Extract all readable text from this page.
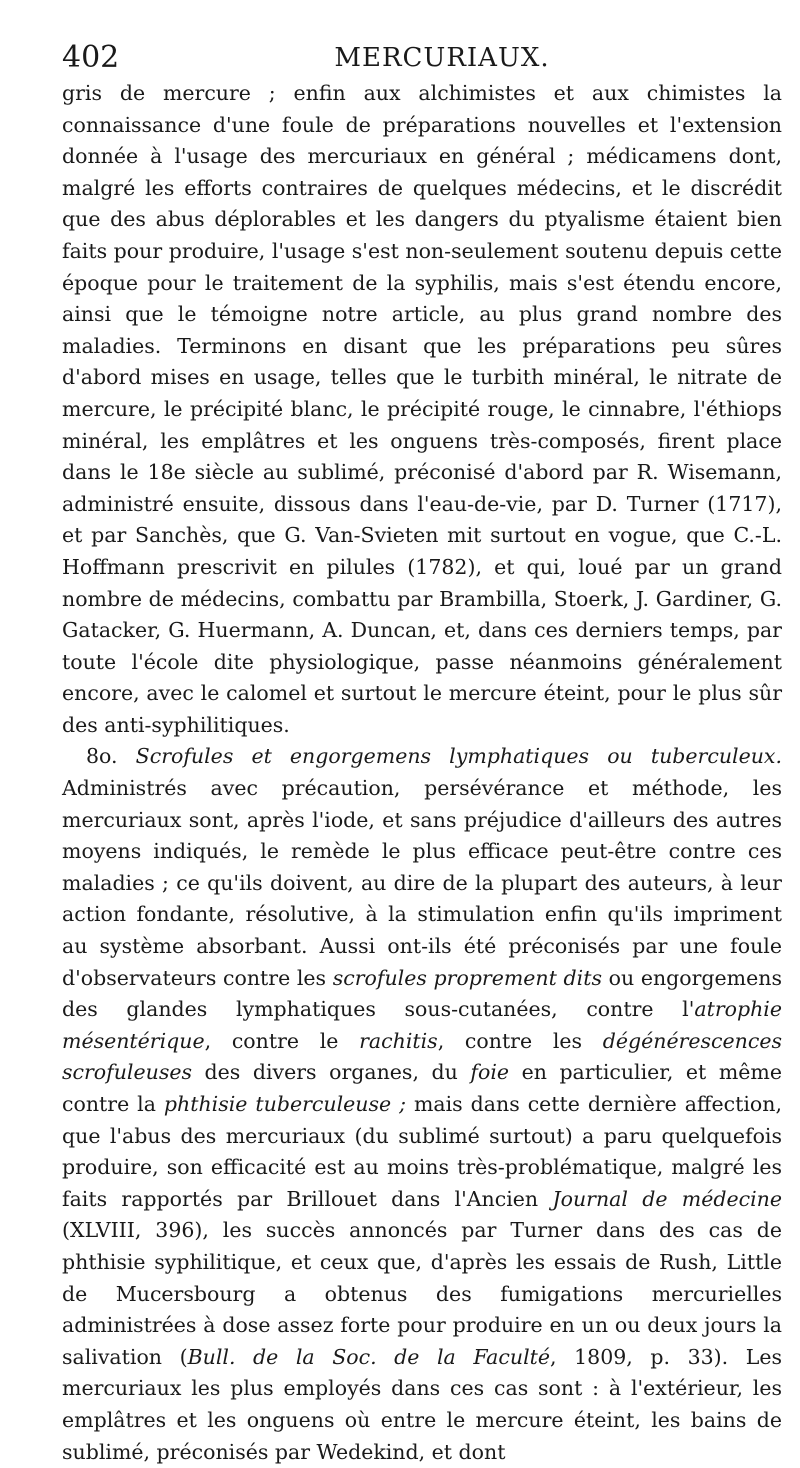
402	MERCURIAUX.

gris de mercure ; enfin aux alchimistes et aux chimistes la connaissance d'une foule de préparations nouvelles et l'extension donnée à l'usage des mercuriaux en général ; médicamens dont, malgré les efforts contraires de quelques médecins, et le discrédit que des abus déplorables et les dangers du ptyalisme étaient bien faits pour produire, l'usage s'est non-seulement soutenu depuis cette époque pour le traitement de la syphilis, mais s'est étendu encore, ainsi que le témoigne notre article, au plus grand nombre des maladies. Terminons en disant que les préparations peu sûres d'abord mises en usage, telles que le turbith minéral, le nitrate de mercure, le précipité blanc, le précipité rouge, le cinnabre, l'éthiops minéral, les emplâtres et les onguens très-composés, firent place dans le 18e siècle au sublimé, préconisé d'abord par R. Wisemann, administré ensuite, dissous dans l'eau-de-vie, par D. Turner (1717), et par Sanchès, que G. Van-Svieten mit surtout en vogue, que C.-L. Hoffmann prescrivit en pilules (1782), et qui, loué par un grand nombre de médecins, combattu par Brambilla, Stoerk, J. Gardiner, G. Gatacker, G. Huermann, A. Duncan, et, dans ces derniers temps, par toute l'école dite physiologique, passe néanmoins généralement encore, avec le calomel et surtout le mercure éteint, pour le plus sûr des anti-syphilitiques.

8o. Scrofules et engorgemens lymphatiques ou tuberculeux. Administrés avec précaution, persévérance et méthode, les mercuriaux sont, après l'iode, et sans préjudice d'ailleurs des autres moyens indiqués, le remède le plus efficace peut-être contre ces maladies ; ce qu'ils doivent, au dire de la plupart des auteurs, à leur action fondante, résolutive, à la stimulation enfin qu'ils impriment au système absorbant. Aussi ont-ils été préconisés par une foule d'observateurs contre les scrofules proprement dits ou engorgemens des glandes lymphatiques sous-cutanées, contre l'atrophie mésentérique, contre le rachitis, contre les dégénérescences scrofuleuses des divers organes, du foie en particulier, et même contre la phthisie tuberculeuse ; mais dans cette dernière affection, que l'abus des mercuriaux (du sublimé surtout) a paru quelquefois produire, son efficacité est au moins très-problématique, malgré les faits rapportés par Brillouet dans l'Ancien Journal de médecine (XLVIII, 396), les succès annoncés par Turner dans des cas de phthisie syphilitique, et ceux que, d'après les essais de Rush, Little de Mucersbourg a obtenus des fumigations mercurielles administrées à dose assez forte pour produire en un ou deux jours la salivation (Bull. de la Soc. de la Faculté, 1809, p. 33). Les mercuriaux les plus employés dans ces cas sont : à l'extérieur, les emplâtres et les onguens où entre le mercure éteint, les bains de sublimé, préconisés par Wedekind, et dont
